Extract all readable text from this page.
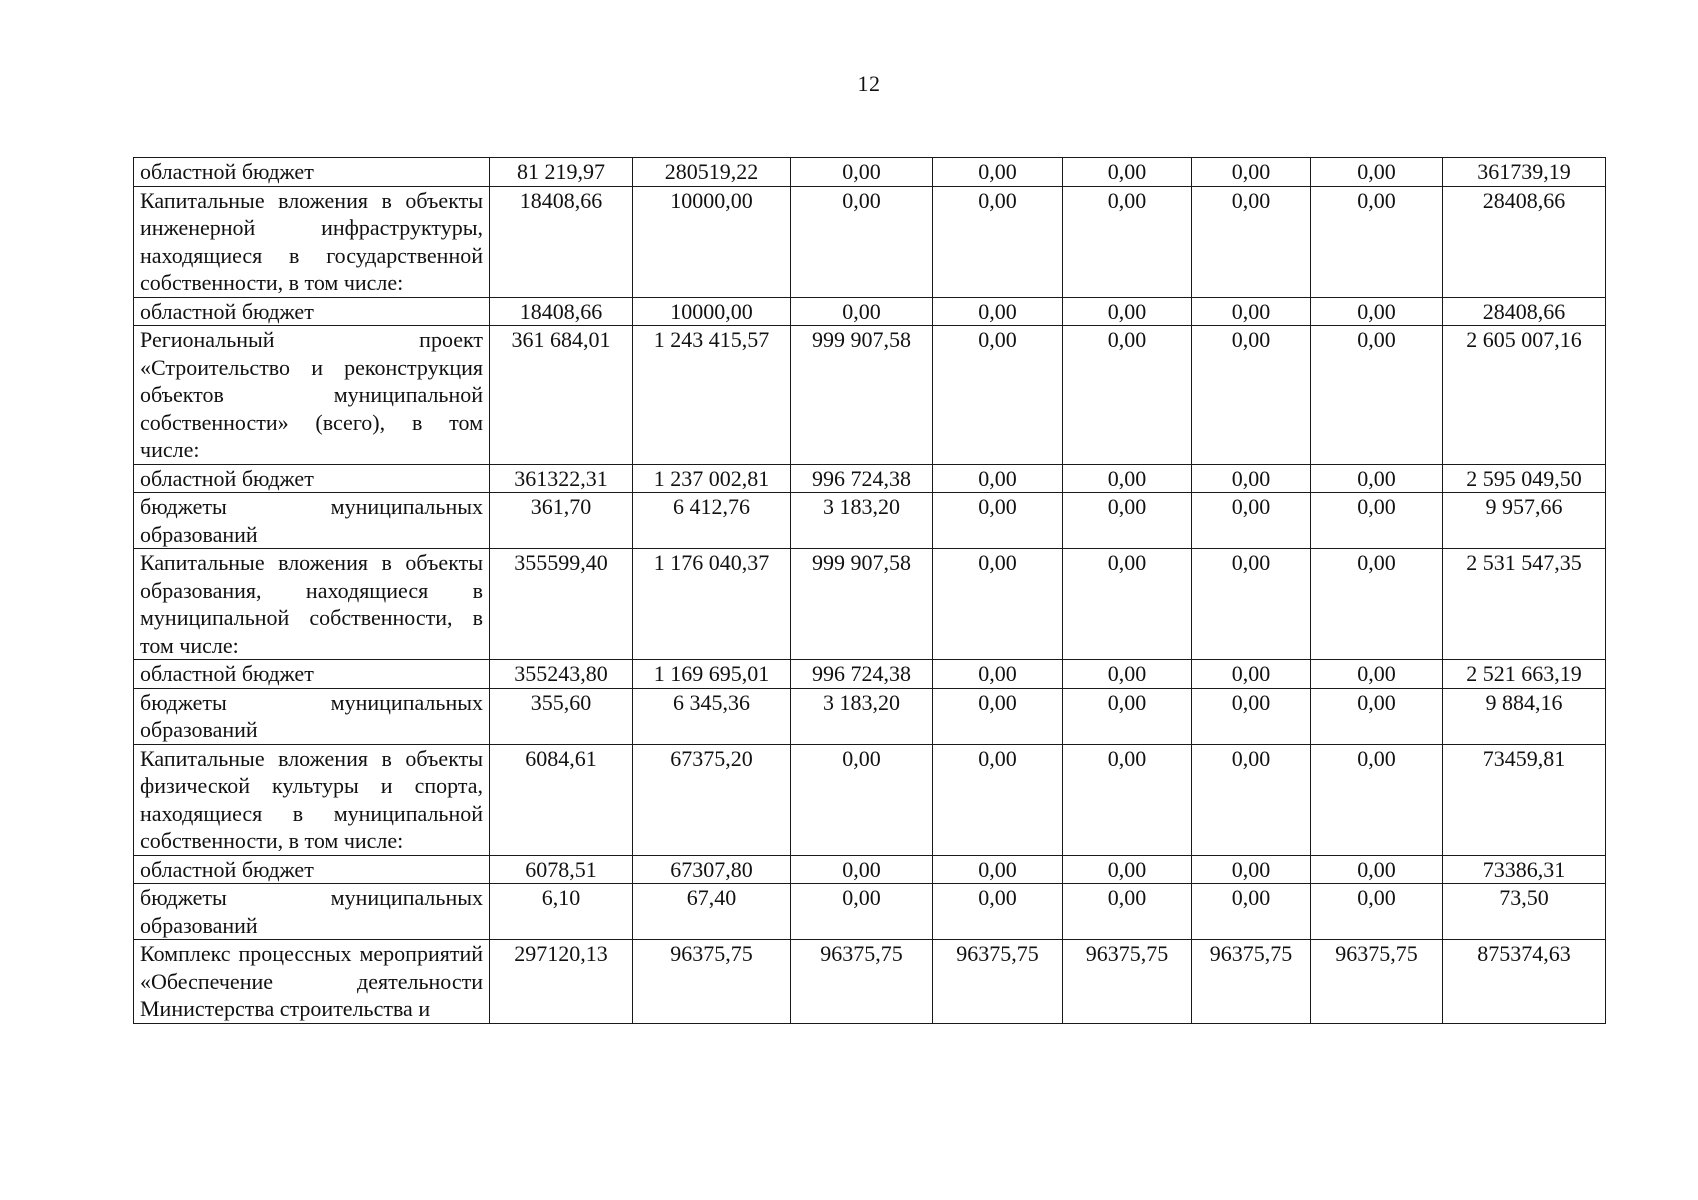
12
областной бюджет	81 219,97	280519,22	0,00	0,00	0,00	0,00	0,00	361739,19
Капитальные вложения в объекты инженерной инфраструктуры, находящиеся в государственной собственности, в том числе:	18408,66	10000,00	0,00	0,00	0,00	0,00	0,00	28408,66
областной бюджет	18408,66	10000,00	0,00	0,00	0,00	0,00	0,00	28408,66
Региональный проект «Строительство и реконструкция объектов муниципальной собственности» (всего), в том числе:	361 684,01	1 243 415,57	999 907,58	0,00	0,00	0,00	0,00	2 605 007,16
областной бюджет	361322,31	1 237 002,81	996 724,38	0,00	0,00	0,00	0,00	2 595 049,50
бюджеты муниципальных образований	361,70	6 412,76	3 183,20	0,00	0,00	0,00	0,00	9 957,66
Капитальные вложения в объекты образования, находящиеся в муниципальной собственности, в том числе:	355599,40	1 176 040,37	999 907,58	0,00	0,00	0,00	0,00	2 531 547,35
областной бюджет	355243,80	1 169 695,01	996 724,38	0,00	0,00	0,00	0,00	2 521 663,19
бюджеты муниципальных образований	355,60	6 345,36	3 183,20	0,00	0,00	0,00	0,00	9 884,16
Капитальные вложения в объекты физической культуры и спорта, находящиеся в муниципальной собственности, в том числе:	6084,61	67375,20	0,00	0,00	0,00	0,00	0,00	73459,81
областной бюджет	6078,51	67307,80	0,00	0,00	0,00	0,00	0,00	73386,31
бюджеты муниципальных образований	6,10	67,40	0,00	0,00	0,00	0,00	0,00	73,50
Комплекс процессных мероприятий «Обеспечение деятельности Министерства строительства и	297120,13	96375,75	96375,75	96375,75	96375,75	96375,75	96375,75	875374,63
